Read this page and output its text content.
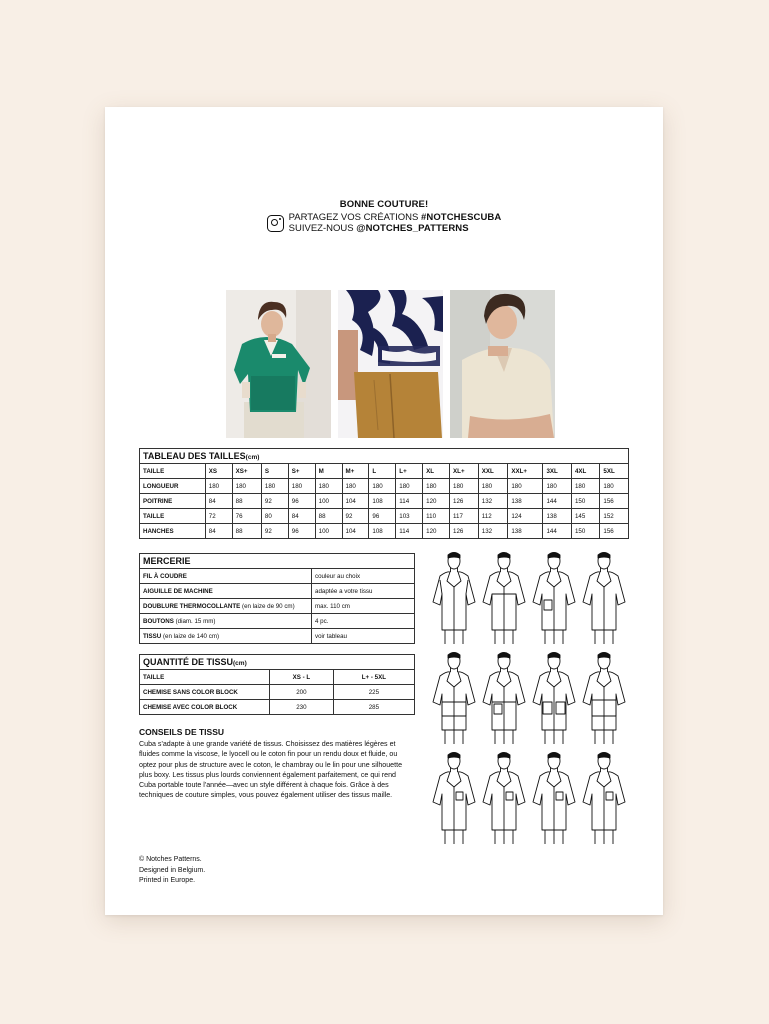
BONNE COUTURE!
PARTAGEZ VOS CRÉATIONS #NOTCHESCUBA
SUIVEZ-NOUS @NOTCHES_PATTERNS
TABLEAU DES TAILLES(cm)															
TAILLE	XS	XS+	S	S+	M	M+	L	L+	XL	XL+	XXL	XXL+	3XL	4XL	5XL
LONGUEUR	180	180	180	180	180	180	180	180	180	180	180	180	180	180	180
POITRINE	84	88	92	96	100	104	108	114	120	126	132	138	144	150	156
TAILLE	72	76	80	84	88	92	96	103	110	117	112	124	138	145	152
HANCHES	84	88	92	96	100	104	108	114	120	126	132	138	144	150	156
MERCERIE	
FIL À COUDRE	couleur au choix
AIGUILLE DE MACHINE	adaptée a votre tissu
DOUBLURE THERMOCOLLANTE (en laize de 90 cm)	max. 110 cm
BOUTONS (diam. 15 mm)	4 pc.
TISSU (en laize de 140 cm)	voir tableau
QUANTITÉ DE TISSU(cm)		
TAILLE	XS - L	L+ - 5XL
CHEMISE SANS COLOR BLOCK	200	225
CHEMISE AVEC COLOR BLOCK	230	285
CONSEILS DE TISSU
Cuba s'adapte à une grande variété de tissus. Choisissez des matières légères et fluides comme la viscose, le lyocell ou le coton fin pour un rendu doux et fluide, ou optez pour plus de structure avec le coton, le chambray ou le lin pour une silhouette plus boxy. Les tissus plus lourds conviennent également parfaitement, ce qui rend Cuba portable toute l'année—avec un style différent à chaque fois. Grâce à des techniques de couture simples, vous pouvez également utiliser des tissus maille.
© Notches Patterns.
Designed in Belgium.
Printed in Europe.
